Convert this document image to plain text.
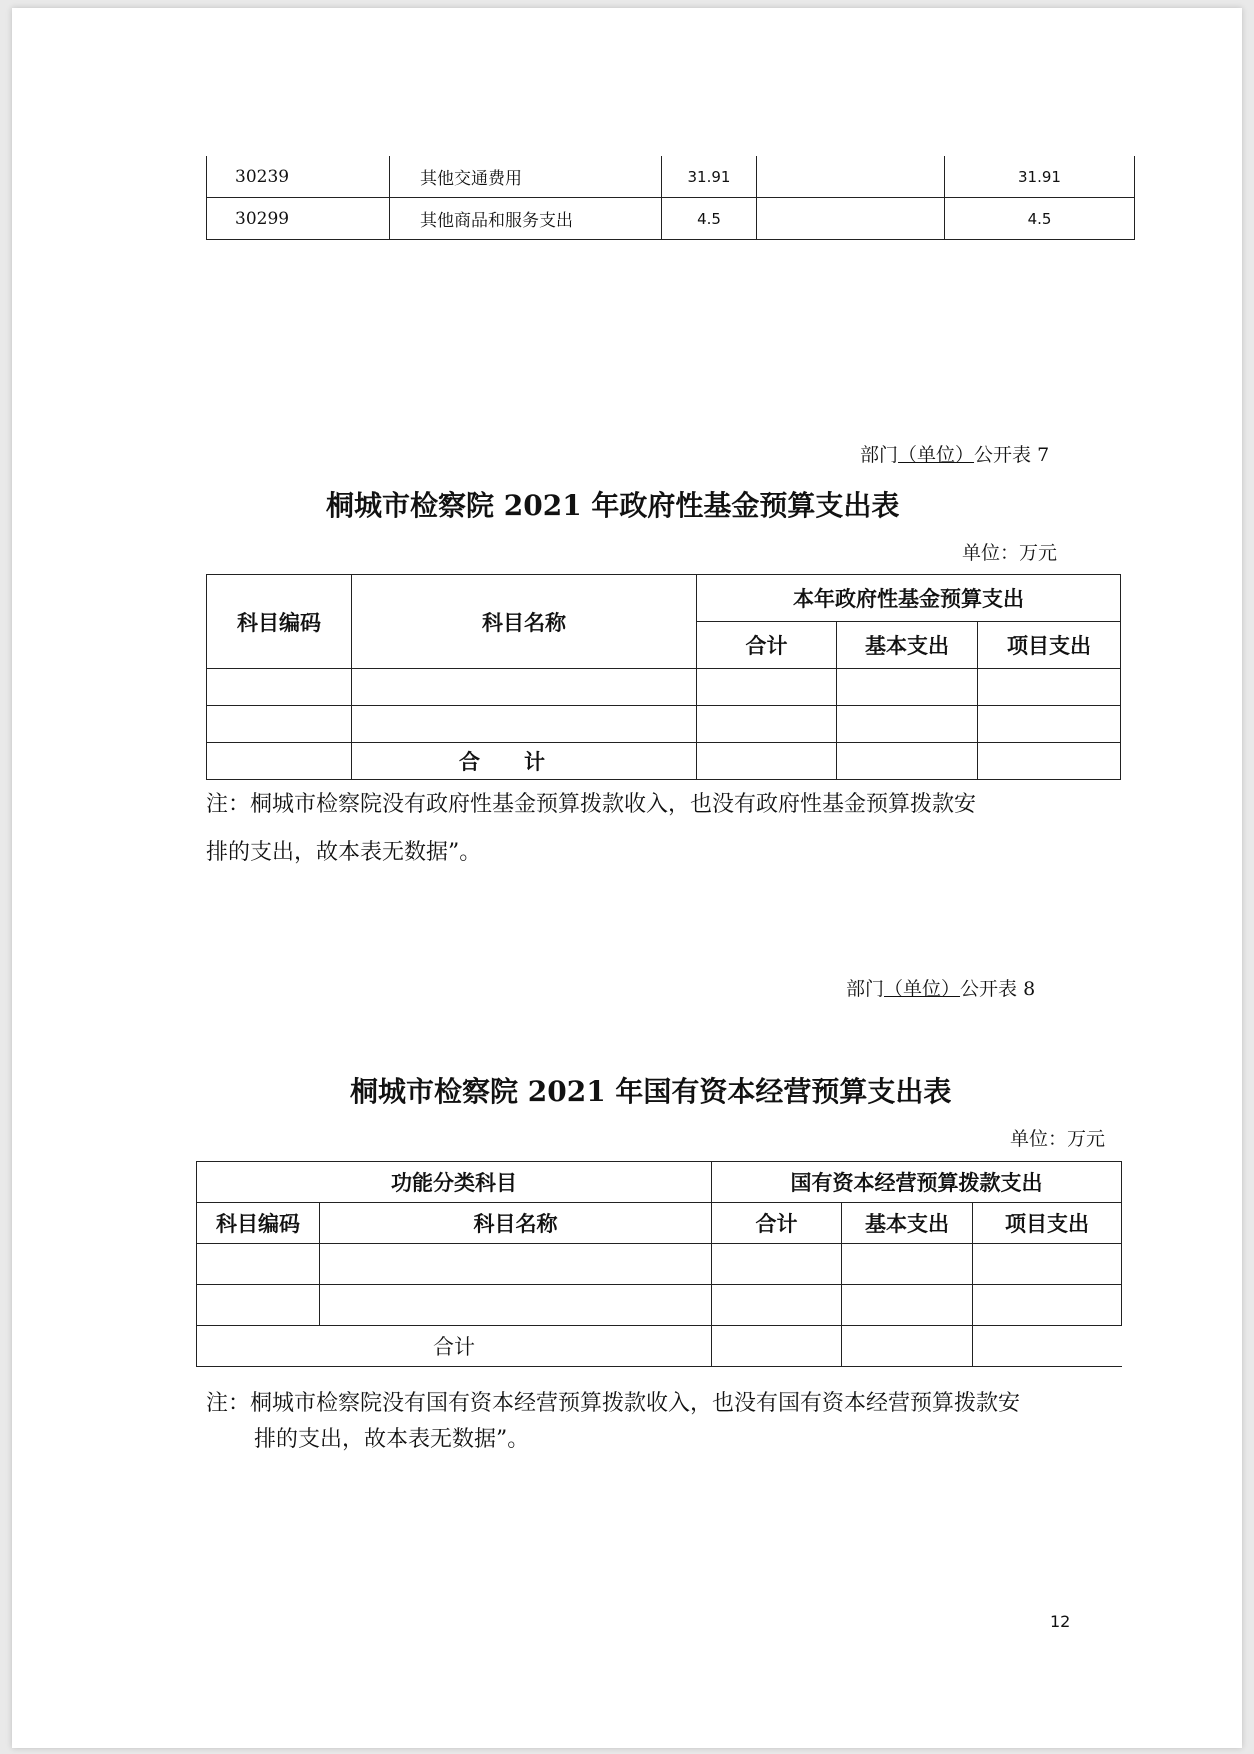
30239	其他交通费用	31.91		31.91
30299	其他商品和服务支出	4.5		4.5
部门（单位）公开表 7
桐城市检察院 2021 年政府性基金预算支出表
单位：万元
科目编码	科目名称	本年政府性基金预算支出		
		合计	基本支出	项目支出

	合计			
注：桐城市检察院没有政府性基金预算拨款收入，也没有政府性基金预算拨款安
排的支出，故本表无数据”。
部门（单位）公开表 8
桐城市检察院 2021 年国有资本经营预算支出表
单位：万元
功能分类科目		国有资本经营预算拨款支出		
科目编码	科目名称	合计	基本支出	项目支出

合计				
注：桐城市检察院没有国有资本经营预算拨款收入，也没有国有资本经营预算拨款安
排的支出，故本表无数据”。
12
